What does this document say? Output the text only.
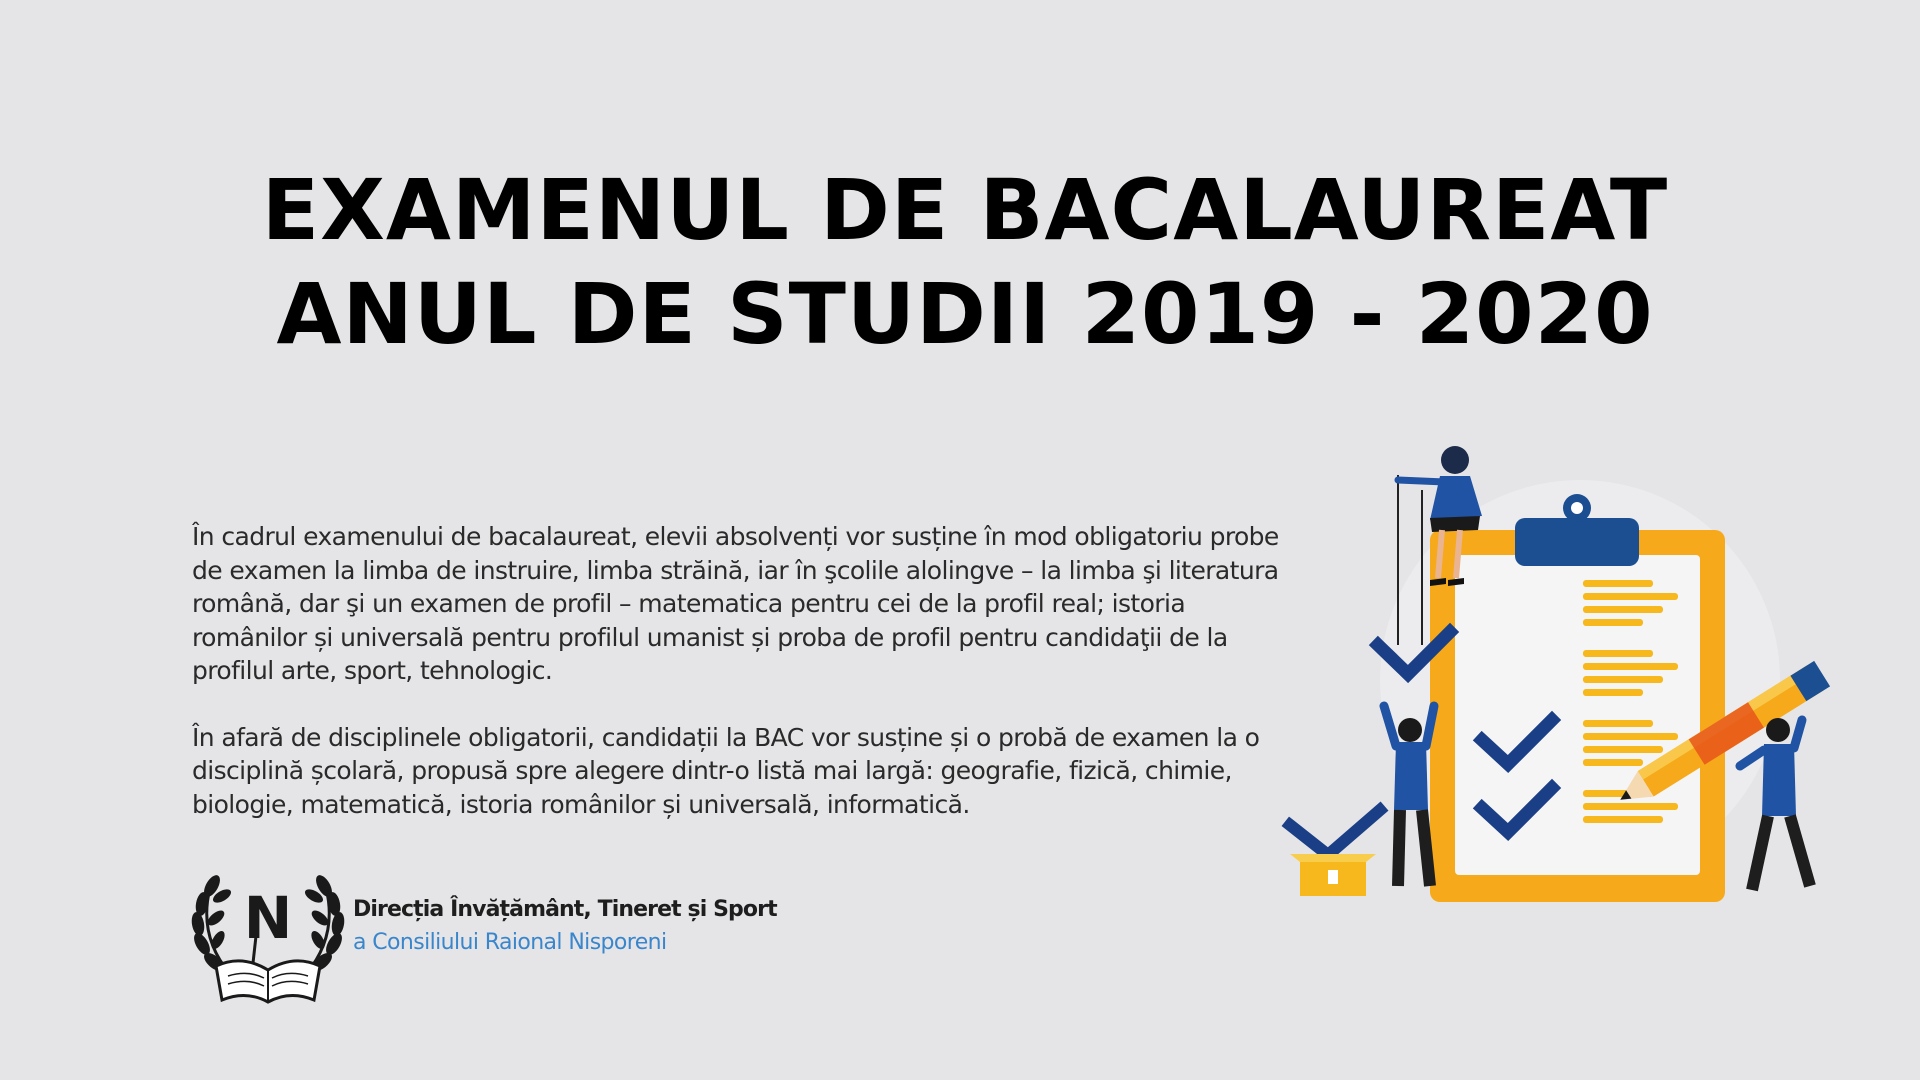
EXAMENUL DE BACALAUREAT
ANUL DE STUDII 2019 - 2020

În cadrul examenului de bacalaureat, elevii absolvenți vor susține în mod obligatoriu probe de examen la limba de instruire, limba străină, iar în şcolile alolingve – la limba şi literatura română, dar şi un examen de profil – matematica pentru cei de la profil real; istoria românilor și universală pentru profilul umanist și proba de profil pentru candidaţii de la profilul arte, sport, tehnologic.

În afară de disciplinele obligatorii, candidații la BAC vor susține și o probă de examen la o disciplină școlară, propusă spre alegere dintr-o listă mai largă: geografie, fizică, chimie, biologie, matematică, istoria românilor și universală, informatică.

N	Direcția Învățământ, Tineret și Sport
a Consiliului Raional Nisporeni
